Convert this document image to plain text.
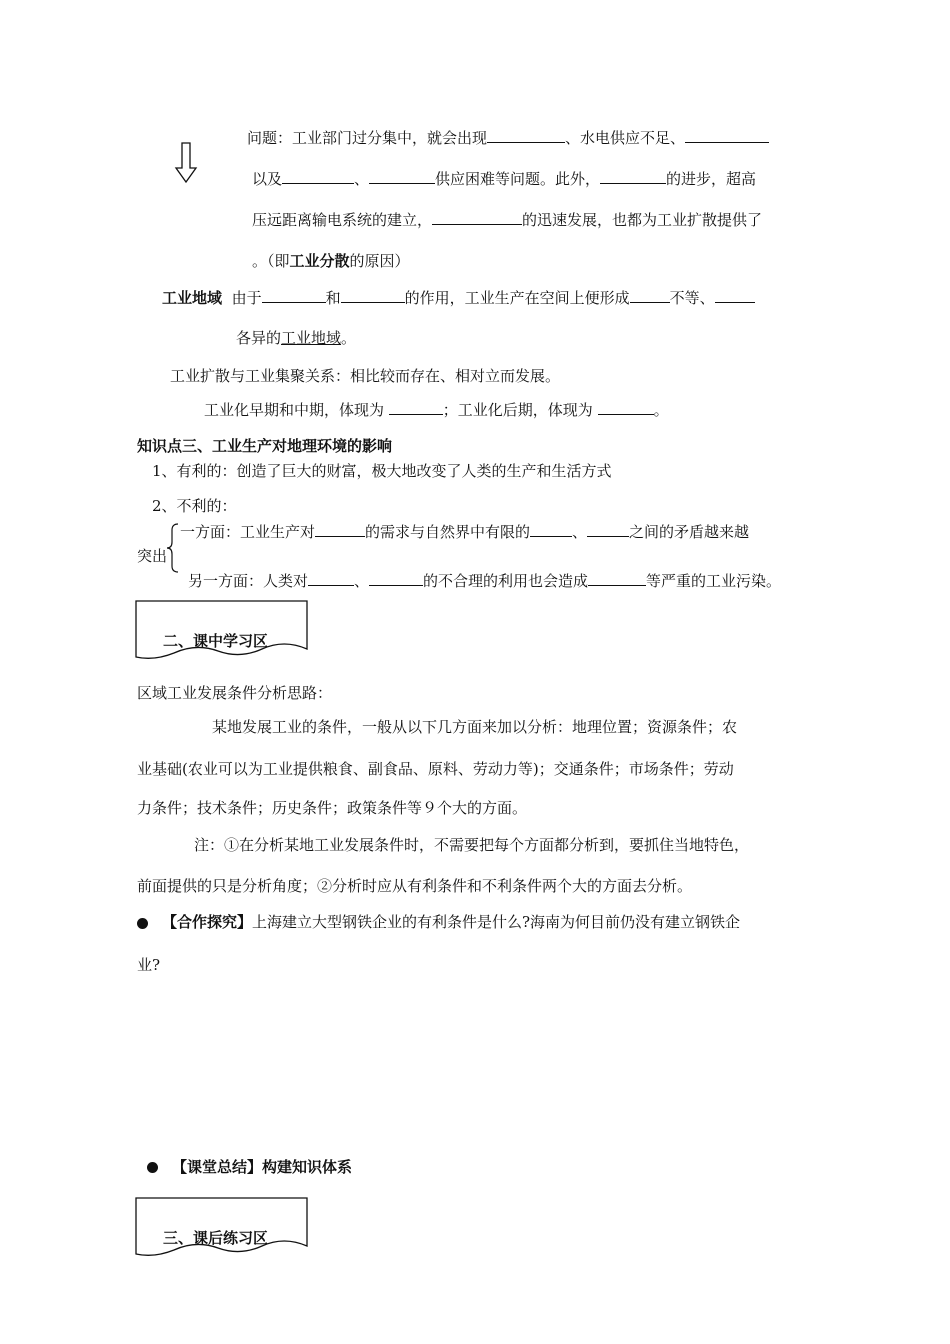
问题：工业部门过分集中，就会出现	、水电供应不足、
以及	、	供应困难等问题。此外，	的进步，超高
压远距离输电系统的建立，	的迅速发展，也都为工业扩散提供了
。（即工业分散的原因）
工业地域 由于	和	的作用，工业生产在空间上便形成	不等、
各异的工业地域。
工业扩散与工业集聚关系：相比较而存在、相对立而发展。
工业化早期和中期，体现为	；工业化后期，体现为	。
知识点三、工业生产对地理环境的影响
1、有利的：创造了巨大的财富，极大地改变了人类的生产和生活方式
2、不利的：
突出
一方面：工业生产对	的需求与自然界中有限的	、	之间的矛盾越来越
另一方面：人类对	、	的不合理的利用也会造成	等严重的工业污染。
二、课中学习区
区域工业发展条件分析思路：
某地发展工业的条件，一般从以下几方面来加以分析：地理位置；资源条件；农
业基础(农业可以为工业提供粮食、副食品、原料、劳动力等)；交通条件；市场条件；劳动
力条件；技术条件；历史条件；政策条件等９个大的方面。
注：①在分析某地工业发展条件时，不需要把每个方面都分析到，要抓住当地特色，
前面提供的只是分析角度；②分析时应从有利条件和不利条件两个大的方面去分析。
【合作探究】上海建立大型钢铁企业的有利条件是什么?海南为何目前仍没有建立钢铁企
业?
【课堂总结】构建知识体系
三、课后练习区
